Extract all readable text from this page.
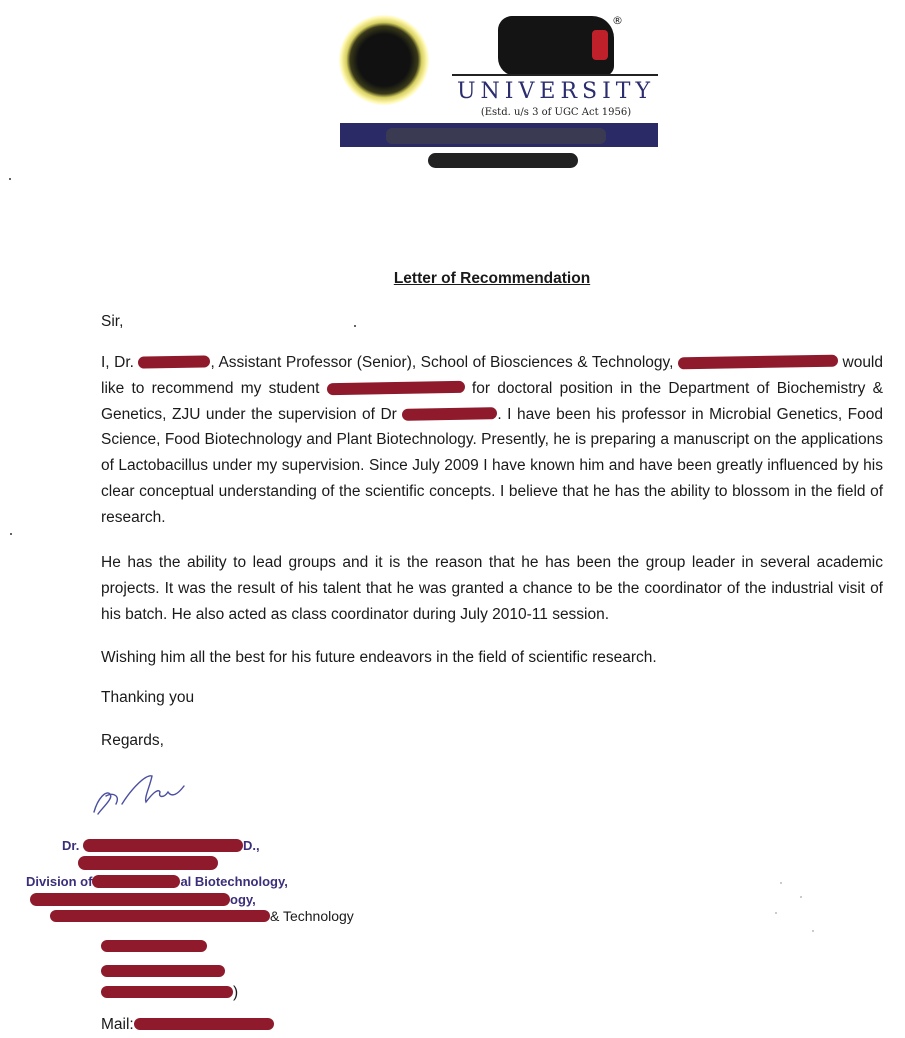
®
UNIVERSITY
(Estd. u/s 3 of UGC Act 1956)
Letter of Recommendation
Sir,
I, Dr.	, Assistant Professor (Senior), School of Biosciences & Technology,	would like to recommend my student	for doctoral position in the Department of Biochemistry & Genetics, ZJU under the supervision of Dr	. I have been his professor in Microbial Genetics, Food Science, Food Biotechnology and Plant Biotechnology. Presently, he is preparing a manuscript on the applications of Lactobacillus under my supervision. Since July 2009 I have known him and have been greatly influenced by his clear conceptual understanding of the scientific concepts. I believe that he has the ability to blossom in the field of research.
He has the ability to lead groups and it is the reason that he has been the group leader in several academic projects. It was the result of his talent that he was granted a chance to be the coordinator of the industrial visit of his batch. He also acted as class coordinator during July 2010-11 session.
Wishing him all the best for his future endeavors in the field of scientific research.
Thanking you
Regards,
Dr.	D.,
Division of	al Biotechnology,
ogy,
& Technology
)
Mail:
